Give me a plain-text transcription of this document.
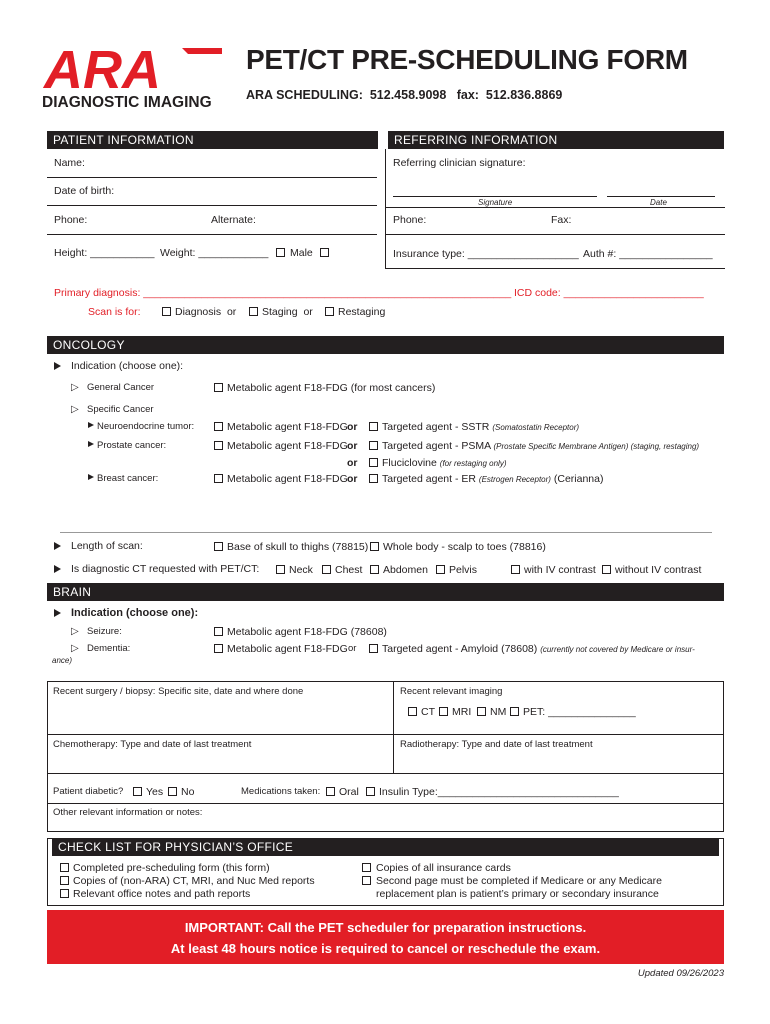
ARA
DIAGNOSTIC IMAGING
PET/CT PRE-SCHEDULING FORM
ARA SCHEDULING:  512.458.9098   fax:  512.836.8869
PATIENT INFORMATION	REFERRING INFORMATION
Name:
Date of birth:
Phone:	Alternate:
Height: ___________ Weight: ____________ Male
Referring clinician signature:
Signature	Date
Phone:	Fax:
Insurance type: ___________________ Auth #: ________________
Primary diagnosis: _______________________________________________________________ ICD code: ________________________
Scan is for:	Diagnosis  or Staging  or Restaging
ONCOLOGY
Indication (choose one):
▷ General Cancer	Metabolic agent F18-FDG (for most cancers)
▷ Specific Cancer
Neuroendocrine tumor:	Metabolic agent F18-FDG or Targeted agent - SSTR (Somatostatin Receptor)
Prostate cancer:	Metabolic agent F18-FDG or Targeted agent - PSMA (Prostate Specific Membrane Antigen) (staging, restaging)
or Fluciclovine (for restaging only)
Breast cancer:	Metabolic agent F18-FDG or Targeted agent - ER (Estrogen Receptor) (Cerianna)
Length of scan:	Base of skull to thighs (78815) Whole body - scalp to toes (78816)
Is diagnostic CT requested with PET/CT:	Neck Chest Abdomen Pelvis	with IV contrast without IV contrast
BRAIN
Indication (choose one):
▷ Seizure:	Metabolic agent F18-FDG (78608)
▷ Dementia:	Metabolic agent F18-FDG or Targeted agent - Amyloid (78608) (currently not covered by Medicare or insur-
ance)
Recent surgery / biopsy: Specific site, date and where done	Recent relevant imaging
CT MRI NM PET: _______________
Chemotherapy: Type and date of last treatment	Radiotherapy: Type and date of last treatment
Patient diabetic? Yes No	Medications taken: Oral Insulin Type:_______________________________
Other relevant information or notes:
CHECK LIST FOR PHYSICIAN’S OFFICE
Completed pre-scheduling form (this form)
Copies of (non-ARA) CT, MRI, and Nuc Med reports
Relevant office notes and path reports
Copies of all insurance cards
Second page must be completed if Medicare or any Medicare
replacement plan is patient’s primary or secondary insurance
IMPORTANT: Call the PET scheduler for preparation instructions.
At least 48 hours notice is required to cancel or reschedule the exam.
Updated 09/26/2023
